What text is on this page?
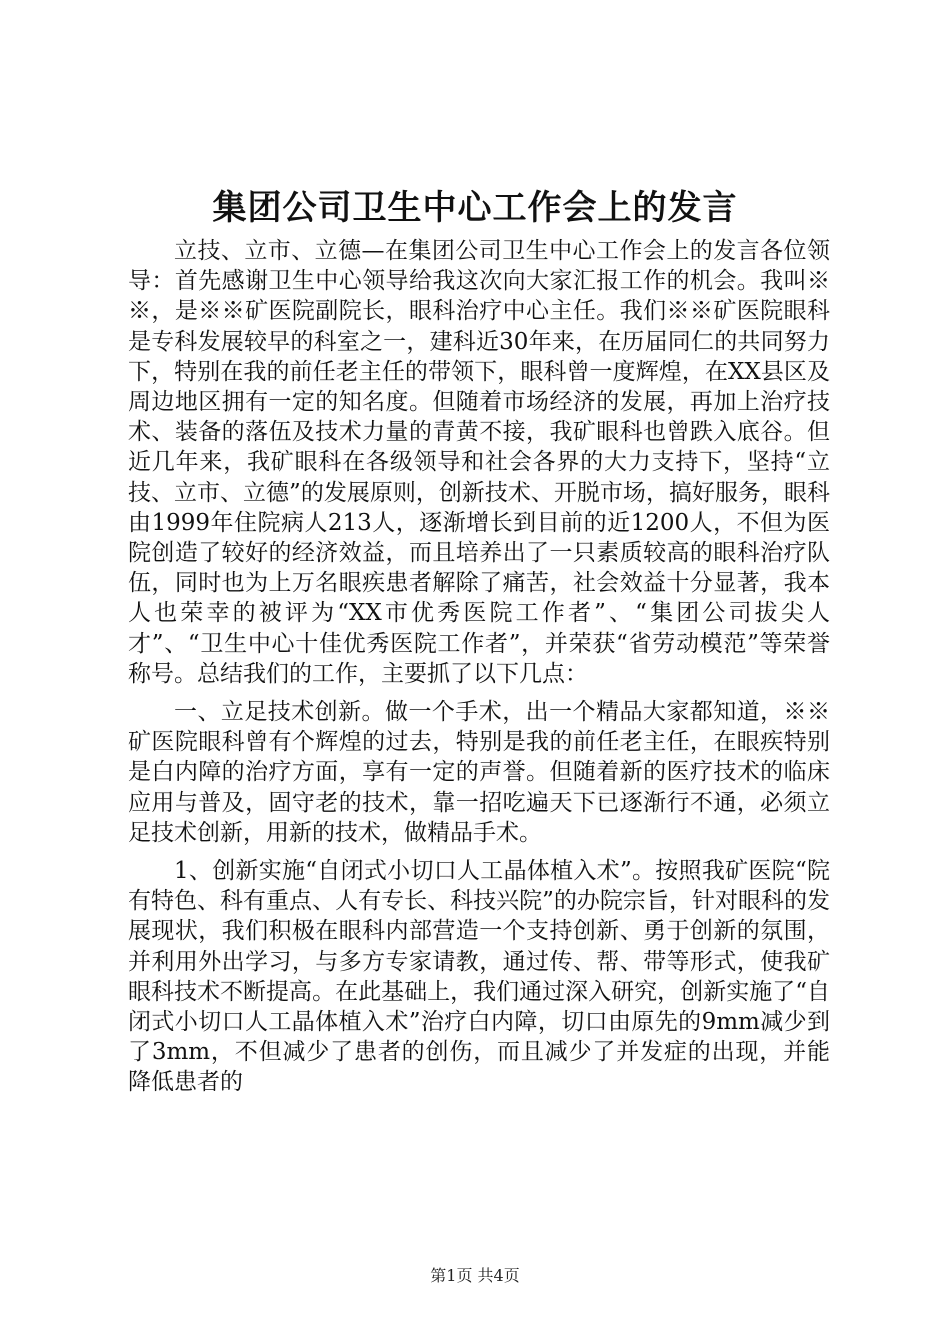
集团公司卫生中心工作会上的发言

立技、立市、立德—在集团公司卫生中心工作会上的发言各位领导：首先感谢卫生中心领导给我这次向大家汇报工作的机会。我叫※※，是※※矿医院副院长，眼科治疗中心主任。我们※※矿医院眼科是专科发展较早的科室之一，建科近30年来，在历届同仁的共同努力下，特别在我的前任老主任的带领下，眼科曾一度辉煌，在XX县区及周边地区拥有一定的知名度。但随着市场经济的发展，再加上治疗技术、装备的落伍及技术力量的青黄不接，我矿眼科也曾跌入底谷。但近几年来，我矿眼科在各级领导和社会各界的大力支持下，坚持“立技、立市、立德”的发展原则，创新技术、开脱市场，搞好服务，眼科由1999年住院病人213人，逐渐增长到目前的近1200人，不但为医院创造了较好的经济效益，而且培养出了一只素质较高的眼科治疗队伍，同时也为上万名眼疾患者解除了痛苦，社会效益十分显著，我本人也荣幸的被评为“XX市优秀医院工作者”、“集团公司拔尖人才”、“卫生中心十佳优秀医院工作者”，并荣获“省劳动模范”等荣誉称号。总结我们的工作，主要抓了以下几点：

一、立足技术创新。做一个手术，出一个精品大家都知道，※※矿医院眼科曾有个辉煌的过去，特别是我的前任老主任，在眼疾特别是白内障的治疗方面，享有一定的声誉。但随着新的医疗技术的临床应用与普及，固守老的技术，靠一招吃遍天下已逐渐行不通，必须立足技术创新，用新的技术，做精品手术。

1、创新实施“自闭式小切口人工晶体植入术”。按照我矿医院“院有特色、科有重点、人有专长、科技兴院”的办院宗旨，针对眼科的发展现状，我们积极在眼科内部营造一个支持创新、勇于创新的氛围，并利用外出学习，与多方专家请教，通过传、帮、带等形式，使我矿眼科技术不断提高。在此基础上，我们通过深入研究，创新实施了“自闭式小切口人工晶体植入术”治疗白内障，切口由原先的9mm减少到了3mm，不但减少了患者的创伤，而且减少了并发症的出现，并能降低患者的

第1页 共4页
